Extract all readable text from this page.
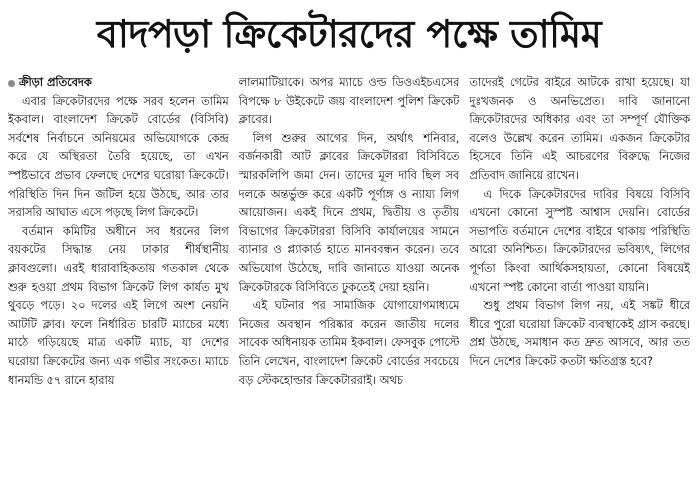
বাদপড়া ক্রিকেটারদের পক্ষে তামিম
ক্রীড়া প্রতিবেদক

এবার ক্রিকেটারদের পক্ষে সরব হলেন তামিম ইকবাল। বাংলাদেশ ক্রিকেট বোর্ডের (বিসিবি) সর্বশেষ নির্বাচনে অনিয়মের অভিযোগকে কেন্দ্র করে যে অস্থিরতা তৈরি হয়েছে, তা এখন স্পষ্টভাবে প্রভাব ফেলছে দেশের ঘরোয়া ক্রিকেটে। পরিস্থিতি দিন দিন জটিল হয়ে উঠছে, আর তার সরাসরি আঘাত এসে পড়ছে লিগ ক্রিকেটে।

বর্তমান কমিটির অধীনে সব ধরনের লিগ বয়কটের সিদ্ধান্ত নেয় ঢাকার শীর্ষস্থানীয় ক্লাবগুলো। এরই ধারাবাহিকতায় গতকাল থেকে শুরু হওয়া প্রথম বিভাগ ক্রিকেট লিগ কার্যত মুখ থুবড়ে পড়ে। ২০ দলের এই লিগে অংশ নেয়নি আটটি ক্লাব। ফলে নির্ধারিত চারটি ম্যাচের মধ্যে মাঠে গড়িয়েছে মাত্র একটি ম্যাচ, যা দেশের ঘরোয়া ক্রিকেটের জন্য এক গভীর সংকেত। ম্যাচে ধানমন্ডি ৫৭ রানে হারায়

লালমাটিয়াকে। অপর ম্যাচে ওল্ড ডিওএইচএসের বিপক্ষে ৮ উইকেটে জয় বাংলাদেশ পুলিশ ক্রিকেট ক্লাবের।

লিগ শুরুর আগের দিন, অর্থাৎ শনিবার, বর্জনকারী আট ক্লাবের ক্রিকেটাররা বিসিবিতে স্মারকলিপি জমা দেন। তাদের মূল দাবি ছিল সব দলকে অন্তর্ভুক্ত করে একটি পূর্ণাঙ্গ ও ন্যায্য লিগ আয়োজন। একই দিনে প্রথম, দ্বিতীয় ও তৃতীয় বিভাগের ক্রিকেটাররা বিসিবি কার্যালয়ের সামনে ব্যানার ও প্ল্যাকার্ড হাতে মানববন্ধন করেন। তবে অভিযোগ উঠেছে, দাবি জানাতে যাওয়া অনেক ক্রিকেটারকে বিসিবিতে ঢুকতেই দেয়া হয়নি।

এই ঘটনার পর সামাজিক যোগাযোগমাধ্যমে নিজের অবস্থান পরিষ্কার করেন জাতীয় দলের সাবেক অধিনায়ক তামিম ইকবাল। ফেসবুক পোস্টে তিনি লেখেন, বাংলাদেশ ক্রিকেট বোর্ডের সবচেয়ে বড় স্টেকহোল্ডার ক্রিকেটাররাই। অথচ

তাদেরই গেটের বাইরে আটকে রাখা হয়েছে। যা দুঃখজনক ও অনভিপ্রেত। দাবি জানানো ক্রিকেটারদের অধিকার এবং তা সম্পূর্ণ যৌক্তিক বলেও উল্লেখ করেন তামিম। একজন ক্রিকেটার হিসেবে তিনি এই আচরণের বিরুদ্ধে নিজের প্রতিবাদ জানিয়ে রাখেন।

এ দিকে ক্রিকেটারদের দাবির বিষয়ে বিসিবি এখনো কোনো সুস্পষ্ট আশ্বাস দেয়নি। বোর্ডের সভাপতি বর্তমানে দেশের বাইরে থাকায় পরিস্থিতি আরো অনিশ্চিত। ক্রিকেটারদের ভবিষ্যৎ, লিগের পূর্ণতা কিংবা আর্থিকসহায়তা, কোনো বিষয়েই এখনো স্পষ্ট কোনো বার্তা পাওয়া যায়নি।

শুধু প্রথম বিভাগ লিগ নয়, এই সঙ্কট ধীরে ধীরে পুরো ঘরোয়া ক্রিকেট ব্যবস্থাকেই গ্রাস করছে। প্রশ্ন উঠছে, সমাধান কত দ্রুত আসবে, আর তত দিনে দেশের ক্রিকেট কতটা ক্ষতিগ্রস্ত হবে?
